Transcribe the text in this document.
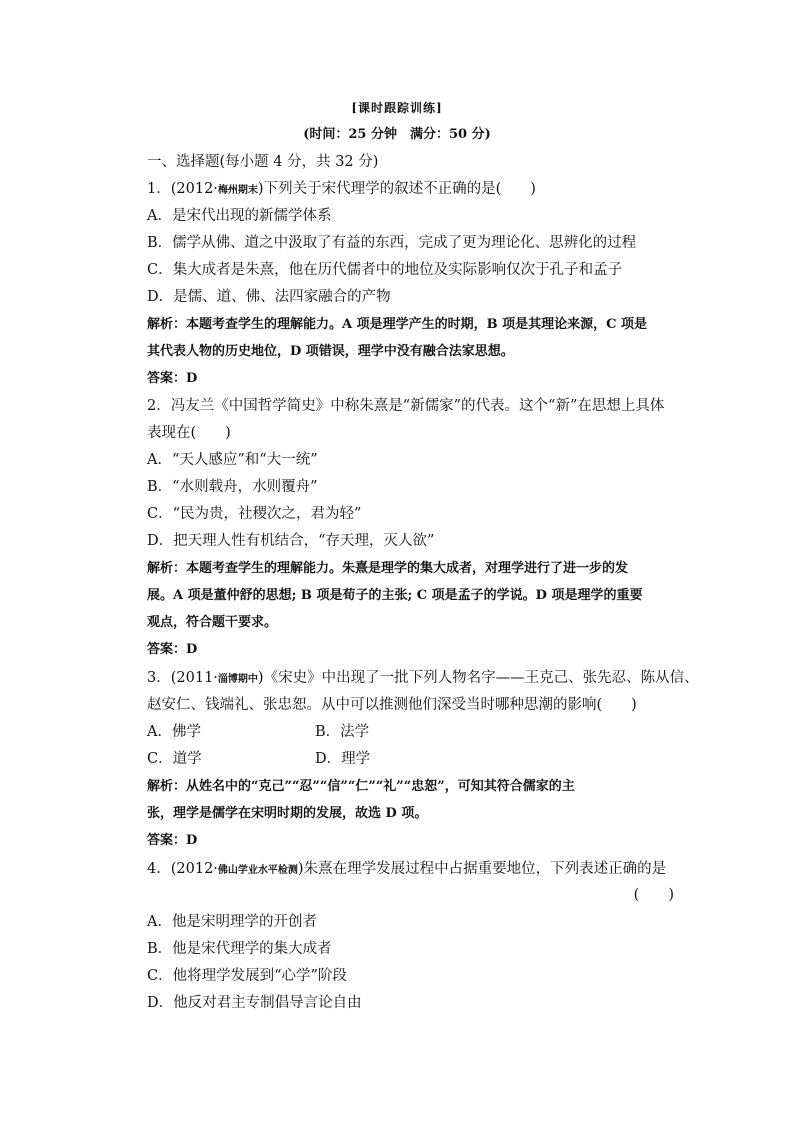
[课时跟踪训练]
(时间：25 分钟　满分：50 分)
一、选择题(每小题 4 分，共 32 分)
1．(2012·梅州期末)下列关于宋代理学的叙述不正确的是(　　)
A．是宋代出现的新儒学体系
B．儒学从佛、道之中汲取了有益的东西，完成了更为理论化、思辨化的过程
C．集大成者是朱熹，他在历代儒者中的地位及实际影响仅次于孔子和孟子
D．是儒、道、佛、法四家融合的产物
解析：本题考查学生的理解能力。A 项是理学产生的时期，B 项是其理论来源，C 项是
其代表人物的历史地位，D 项错误，理学中没有融合法家思想。
答案：D
2．冯友兰《中国哲学简史》中称朱熹是“新儒家”的代表。这个“新”在思想上具体
表现在(　　)
A．“天人感应”和“大一统”
B．“水则载舟，水则覆舟”
C．“民为贵，社稷次之，君为轻”
D．把天理人性有机结合，“存天理，灭人欲”
解析：本题考查学生的理解能力。朱熹是理学的集大成者，对理学进行了进一步的发
展。A 项是董仲舒的思想; B 项是荀子的主张; C 项是孟子的学说。D 项是理学的重要
观点，符合题干要求。
答案：D
3．(2011·淄博期中)《宋史》中出现了一批下列人物名字——王克己、张先忍、陈从信、
赵安仁、钱端礼、张忠恕。从中可以推测他们深受当时哪种思潮的影响(　　)
A．佛学	B．法学
C．道学	D．理学
解析：从姓名中的“克己”“忍”“信”“仁”“礼”“忠恕”，可知其符合儒家的主
张，理学是儒学在宋明时期的发展，故选 D 项。
答案：D
4．(2012·佛山学业水平检测)朱熹在理学发展过程中占据重要地位，下列表述正确的是
(　　)
A．他是宋明理学的开创者
B．他是宋代理学的集大成者
C．他将理学发展到“心学”阶段
D．他反对君主专制倡导言论自由
